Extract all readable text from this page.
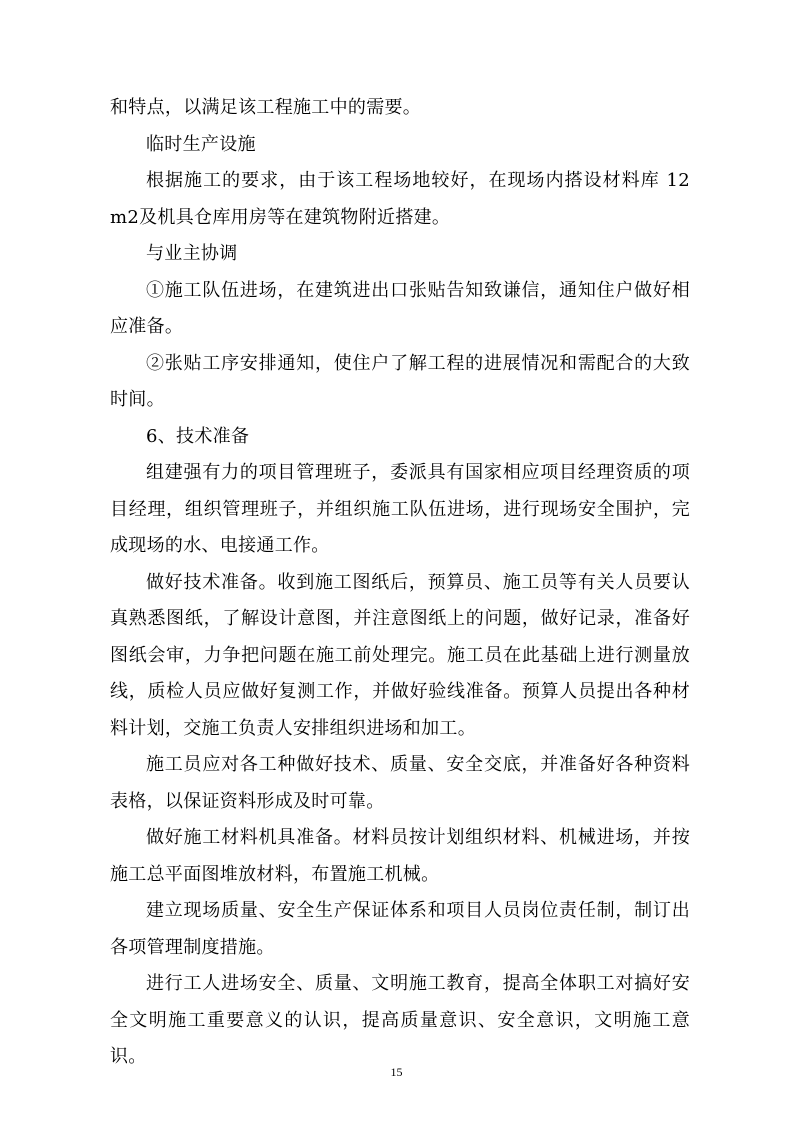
和特点，以满足该工程施工中的需要。

临时生产设施

根据施工的要求，由于该工程场地较好，在现场内搭设材料库 12 m2及机具仓库用房等在建筑物附近搭建。

与业主协调

①施工队伍进场，在建筑进出口张贴告知致谦信，通知住户做好相应准备。

②张贴工序安排通知，使住户了解工程的进展情况和需配合的大致时间。

6、技术准备

组建强有力的项目管理班子，委派具有国家相应项目经理资质的项目经理，组织管理班子，并组织施工队伍进场，进行现场安全围护，完成现场的水、电接通工作。

做好技术准备。收到施工图纸后，预算员、施工员等有关人员要认真熟悉图纸，了解设计意图，并注意图纸上的问题，做好记录，准备好图纸会审，力争把问题在施工前处理完。施工员在此基础上进行测量放线，质检人员应做好复测工作，并做好验线准备。预算人员提出各种材料计划，交施工负责人安排组织进场和加工。

施工员应对各工种做好技术、质量、安全交底，并准备好各种资料表格，以保证资料形成及时可靠。

做好施工材料机具准备。材料员按计划组织材料、机械进场，并按施工总平面图堆放材料，布置施工机械。

建立现场质量、安全生产保证体系和项目人员岗位责任制，制订出各项管理制度措施。

进行工人进场安全、质量、文明施工教育，提高全体职工对搞好安全文明施工重要意义的认识，提高质量意识、安全意识，文明施工意识。

15
